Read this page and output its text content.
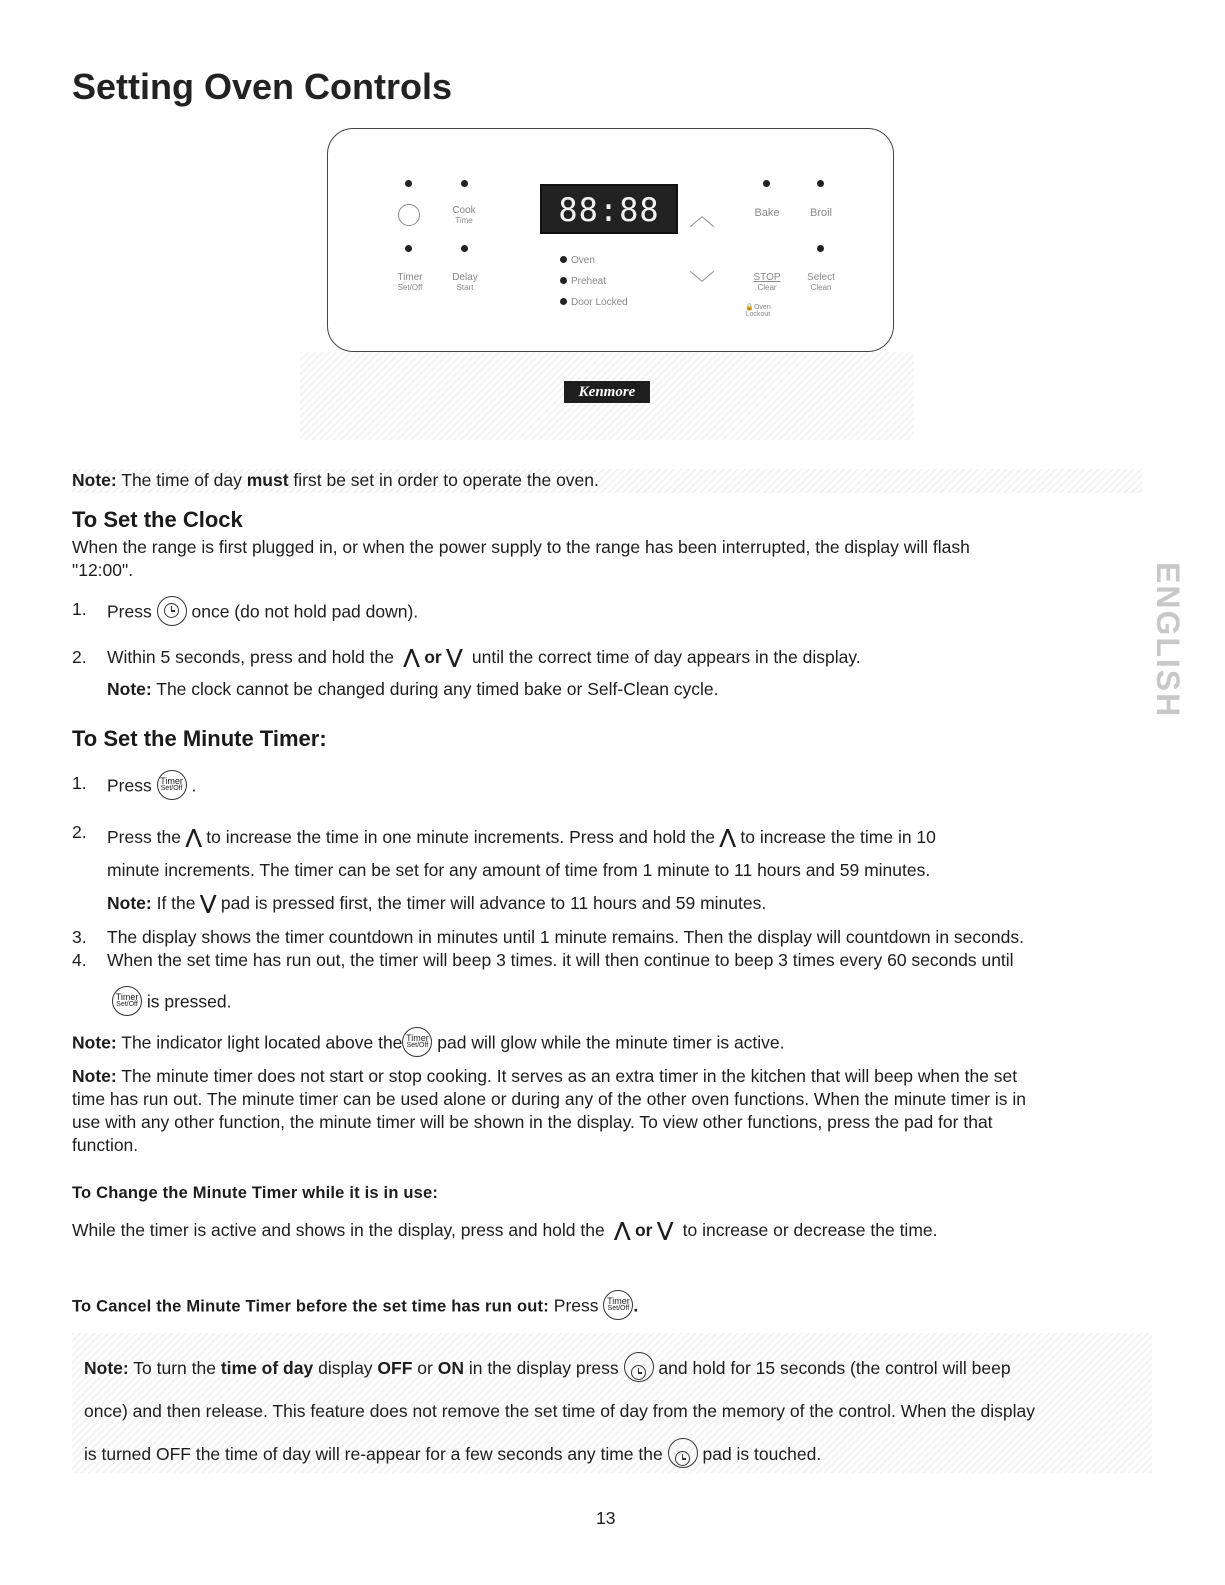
Setting Oven Controls
Kenmore
Cook
Time
Timer
Set/Off
Delay
Start
88:88
Oven
Preheat
Door Locked
︿
﹀
Bake	Broil
STOP
Clear
Select
Clean
🔒Oven Lockout
ENGLISH
Note: The time of day must first be set in order to operate the oven.
To Set the Clock
When the range is first plugged in, or when the power supply to the range has been interrupted, the display will flash
"12:00".
1. Press once (do not hold pad down).
2. Within 5 seconds, press and hold the ⋀ or ⋁ until the correct time of day appears in the display.
Note: The clock cannot be changed during any timed bake or Self-Clean cycle.
To Set the Minute Timer:
1. Press Timer
Set/Off .
2. Press the ⋀ to increase the time in one minute increments. Press and hold the ⋀ to increase the time in 10
minute increments. The timer can be set for any amount of time from 1 minute to 11 hours and 59 minutes.
Note: If the ⋁ pad is pressed first, the timer will advance to 11 hours and 59 minutes.
3. The display shows the timer countdown in minutes until 1 minute remains. Then the display will countdown in seconds.
4. When the set time has run out, the timer will beep 3 times. it will then continue to beep 3 times every 60 seconds until
Timer
Set/Off is pressed.
Note: The indicator light located above the Timer
Set/Off pad will glow while the minute timer is active.
Note: The minute timer does not start or stop cooking. It serves as an extra timer in the kitchen that will beep when the set
time has run out. The minute timer can be used alone or during any of the other oven functions. When the minute timer is in
use with any other function, the minute timer will be shown in the display. To view other functions, press the pad for that
function.
To Change the Minute Timer while it is in use:
While the timer is active and shows in the display, press and hold the ⋀ or ⋁ to increase or decrease the time.
To Cancel the Minute Timer before the set time has run out: Press Timer
Set/Off .
Note: To turn the time of day display OFF or ON in the display press and hold for 15 seconds (the control will beep
once) and then release. This feature does not remove the set time of day from the memory of the control. When the display
is turned OFF the time of day will re-appear for a few seconds any time the pad is touched.
13
